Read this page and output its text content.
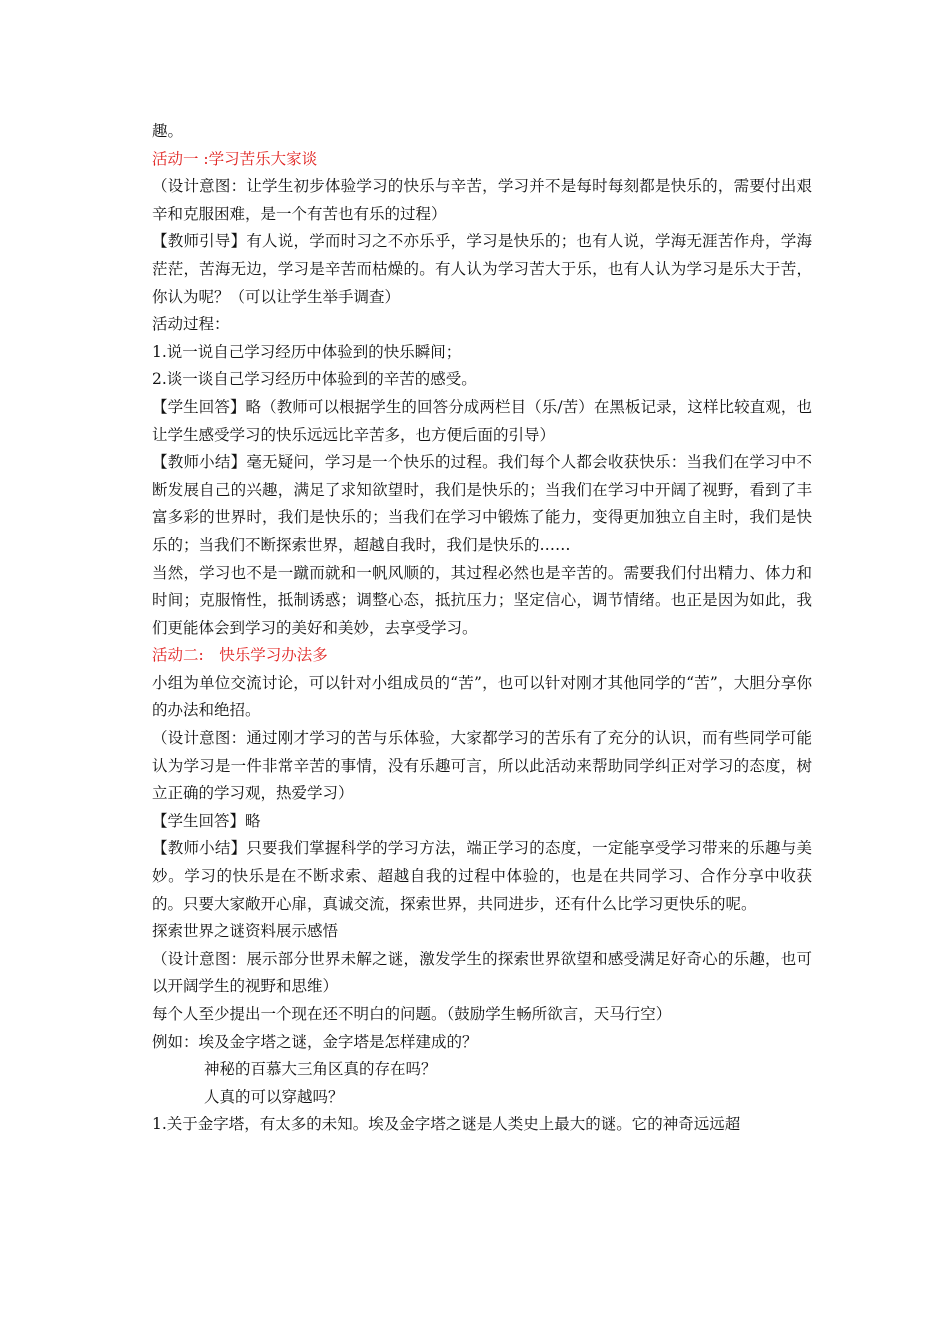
趣。

活动一 :学习苦乐大家谈

（设计意图：让学生初步体验学习的快乐与辛苦，学习并不是每时每刻都是快乐的，需要付出艰辛和克服困难，是一个有苦也有乐的过程）

【教师引导】有人说，学而时习之不亦乐乎，学习是快乐的；也有人说，学海无涯苦作舟，学海茫茫，苦海无边，学习是辛苦而枯燥的。有人认为学习苦大于乐，也有人认为学习是乐大于苦，你认为呢？（可以让学生举手调查）

活动过程：

1.说一说自己学习经历中体验到的快乐瞬间；

2.谈一谈自己学习经历中体验到的辛苦的感受。

【学生回答】略（教师可以根据学生的回答分成两栏目（乐/苦）在黑板记录，这样比较直观，也让学生感受学习的快乐远远比辛苦多，也方便后面的引导）

【教师小结】毫无疑问，学习是一个快乐的过程。我们每个人都会收获快乐：当我们在学习中不断发展自己的兴趣，满足了求知欲望时，我们是快乐的；当我们在学习中开阔了视野，看到了丰富多彩的世界时，我们是快乐的；当我们在学习中锻炼了能力，变得更加独立自主时，我们是快乐的；当我们不断探索世界，超越自我时，我们是快乐的……

当然，学习也不是一蹴而就和一帆风顺的，其过程必然也是辛苦的。需要我们付出精力、体力和时间；克服惰性，抵制诱惑；调整心态，抵抗压力；坚定信心，调节情绪。也正是因为如此，我们更能体会到学习的美好和美妙，去享受学习。

活动二:　快乐学习办法多

小组为单位交流讨论，可以针对小组成员的“苦”，也可以针对刚才其他同学的“苦”，大胆分享你的办法和绝招。

（设计意图：通过刚才学习的苦与乐体验，大家都学习的苦乐有了充分的认识，而有些同学可能认为学习是一件非常辛苦的事情，没有乐趣可言，所以此活动来帮助同学纠正对学习的态度，树立正确的学习观，热爱学习）

【学生回答】略

【教师小结】只要我们掌握科学的学习方法，端正学习的态度，一定能享受学习带来的乐趣与美妙。学习的快乐是在不断求索、超越自我的过程中体验的，也是在共同学习、合作分享中收获的。只要大家敞开心扉，真诚交流，探索世界，共同进步，还有什么比学习更快乐的呢。

探索世界之谜资料展示感悟

（设计意图：展示部分世界未解之谜，激发学生的探索世界欲望和感受满足好奇心的乐趣，也可以开阔学生的视野和思维）

每个人至少提出一个现在还不明白的问题。（鼓励学生畅所欲言，天马行空）

例如：埃及金字塔之谜，金字塔是怎样建成的？

神秘的百慕大三角区真的存在吗？

人真的可以穿越吗？

1.关于金字塔，有太多的未知。埃及金字塔之谜是人类史上最大的谜。它的神奇远远超
